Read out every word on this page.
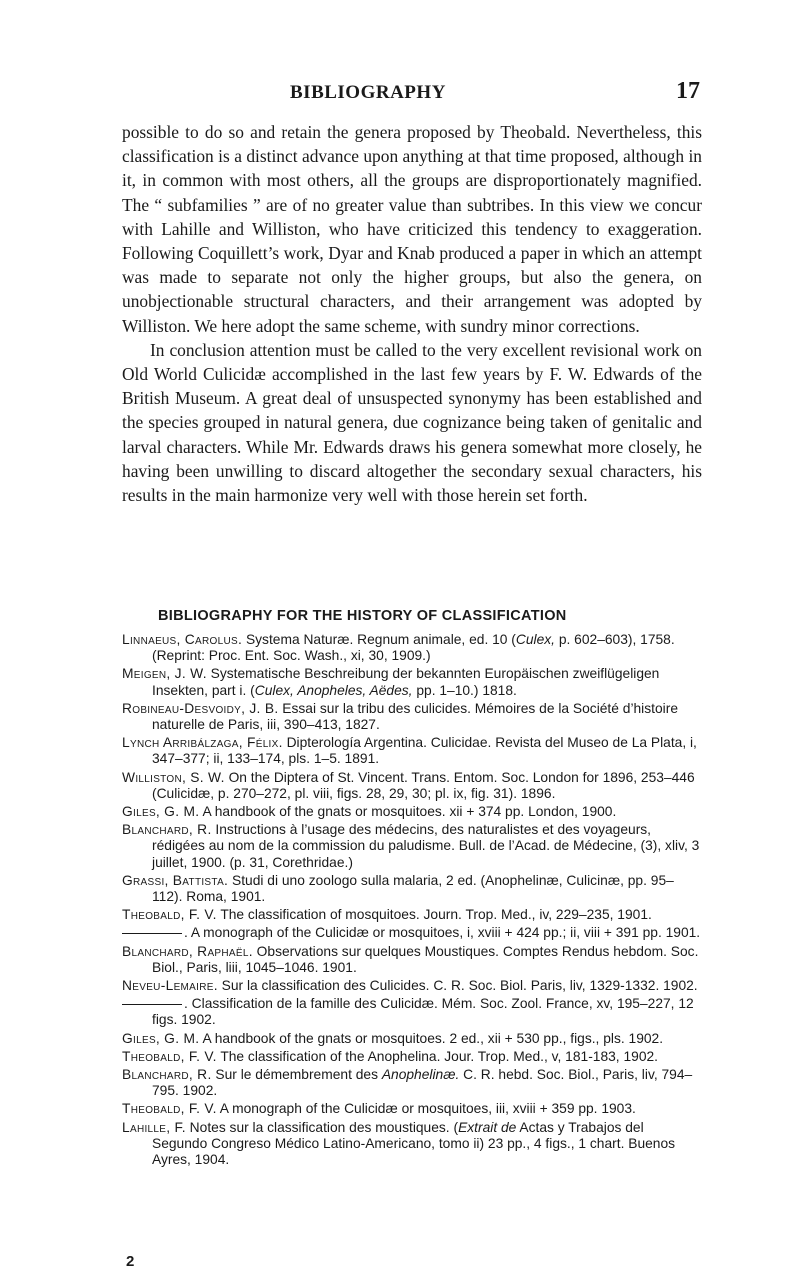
BIBLIOGRAPHY	17

possible to do so and retain the genera proposed by Theobald. Nevertheless, this classification is a distinct advance upon anything at that time proposed, although in it, in common with most others, all the groups are disproportionately magnified. The “ subfamilies ” are of no greater value than subtribes. In this view we concur with Lahille and Williston, who have criticized this tendency to exaggeration. Following Coquillett’s work, Dyar and Knab produced a paper in which an attempt was made to separate not only the higher groups, but also the genera, on unobjectionable structural characters, and their arrangement was adopted by Williston. We here adopt the same scheme, with sundry minor corrections.

In conclusion attention must be called to the very excellent revisional work on Old World Culicidæ accomplished in the last few years by F. W. Edwards of the British Museum. A great deal of unsuspected synonymy has been established and the species grouped in natural genera, due cognizance being taken of genitalic and larval characters. While Mr. Edwards draws his genera somewhat more closely, he having been unwilling to discard altogether the secondary sexual characters, his results in the main harmonize very well with those herein set forth.

BIBLIOGRAPHY FOR THE HISTORY OF CLASSIFICATION
Linnaeus, Carolus. Systema Naturæ. Regnum animale, ed. 10 (Culex, p. 602–603), 1758. (Reprint: Proc. Ent. Soc. Wash., xi, 30, 1909.)
Meigen, J. W. Systematische Beschreibung der bekannten Europäischen zweiflügeligen Insekten, part i. (Culex, Anopheles, Aëdes, pp. 1–10.) 1818.
Robineau-Desvoidy, J. B. Essai sur la tribu des culicides. Mémoires de la Société d’histoire naturelle de Paris, iii, 390–413, 1827.
Lynch Arribálzaga, Félix. Dipterología Argentina. Culicidae. Revista del Museo de La Plata, i, 347–377; ii, 133–174, pls. 1–5. 1891.
Williston, S. W. On the Diptera of St. Vincent. Trans. Entom. Soc. London for 1896, 253–446 (Culicidæ, p. 270–272, pl. viii, figs. 28, 29, 30; pl. ix, fig. 31). 1896.
Giles, G. M. A handbook of the gnats or mosquitoes. xii + 374 pp. London, 1900.
Blanchard, R. Instructions à l’usage des médecins, des naturalistes et des voyageurs, rédigées au nom de la commission du paludisme. Bull. de l’Acad. de Médecine, (3), xliv, 3 juillet, 1900. (p. 31, Corethridae.)
Grassi, Battista. Studi di uno zoologo sulla malaria, 2 ed. (Anophelinæ, Culicinæ, pp. 95–112). Roma, 1901.
Theobald, F. V. The classification of mosquitoes. Journ. Trop. Med., iv, 229–235, 1901.
. A monograph of the Culicidæ or mosquitoes, i, xviii + 424 pp.; ii, viii + 391 pp. 1901.
Blanchard, Raphaël. Observations sur quelques Moustiques. Comptes Rendus hebdom. Soc. Biol., Paris, liii, 1045–1046. 1901.
Neveu-Lemaire. Sur la classification des Culicides. C. R. Soc. Biol. Paris, liv, 1329-1332. 1902.
. Classification de la famille des Culicidæ. Mém. Soc. Zool. France, xv, 195–227, 12 figs. 1902.
Giles, G. M. A handbook of the gnats or mosquitoes. 2 ed., xii + 530 pp., figs., pls. 1902.
Theobald, F. V. The classification of the Anophelina. Jour. Trop. Med., v, 181-183, 1902.
Blanchard, R. Sur le démembrement des Anophelinæ. C. R. hebd. Soc. Biol., Paris, liv, 794–795. 1902.
Theobald, F. V. A monograph of the Culicidæ or mosquitoes, iii, xviii + 359 pp. 1903.
Lahille, F. Notes sur la classification des moustiques. (Extrait de Actas y Trabajos del Segundo Congreso Médico Latino-Americano, tomo ii) 23 pp., 4 figs., 1 chart. Buenos Ayres, 1904.
2
